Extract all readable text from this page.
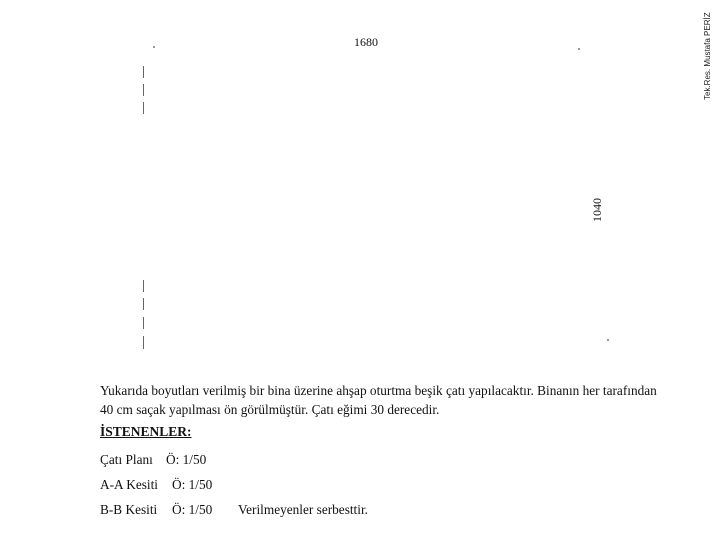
1680
1040
Tek.Res. Mustafa PERİZ
Yukarıda boyutları verilmiş bir bina üzerine ahşap oturtma beşik çatı yapılacaktır. Binanın her tarafından 40 cm saçak yapılması ön görülmüştür. Çatı eğimi 30 derecedir.
İSTENENLER:
Çatı Planı Ö: 1/50
A-A Kesiti Ö: 1/50
B-B Kesiti Ö: 1/50 Verilmeyenler serbesttir.
